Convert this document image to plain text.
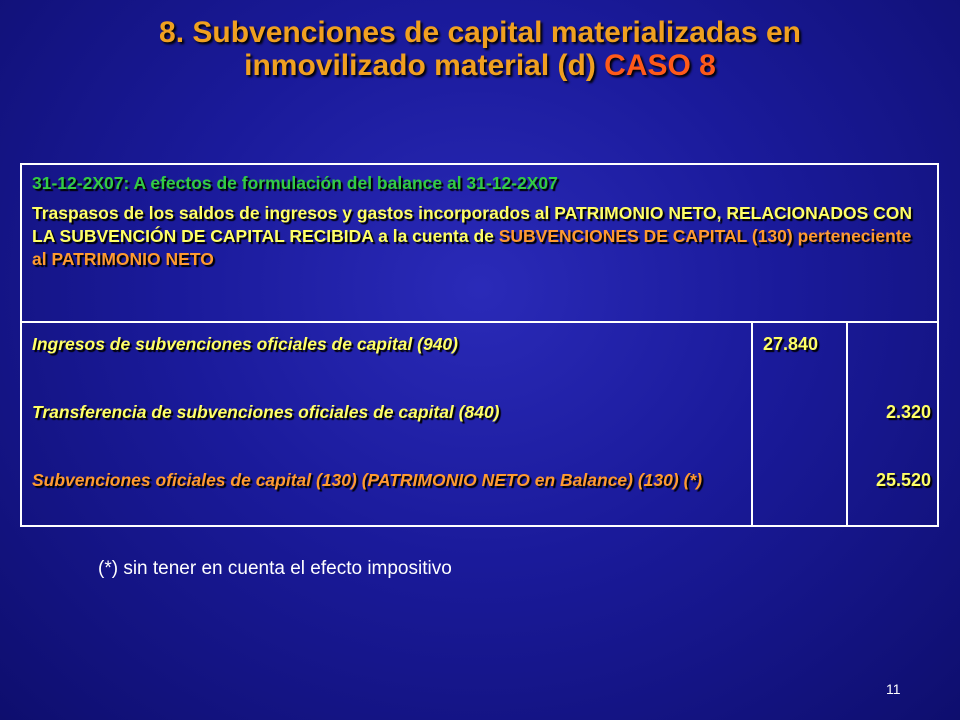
8. Subvenciones de capital materializadas en
inmovilizado material (d) CASO 8

31-12-2X07: A efectos de formulación del balance al 31-12-2X07

Traspasos de los saldos de ingresos y gastos incorporados al PATRIMONIO NETO, RELACIONADOS CON LA SUBVENCIÓN DE CAPITAL RECIBIDA a la cuenta de SUBVENCIONES DE CAPITAL (130) perteneciente al PATRIMONIO NETO

Ingresos de subvenciones oficiales de capital (940)
Transferencia de subvenciones oficiales de capital (840)
Subvenciones oficiales de capital (130) (PATRIMONIO NETO en Balance) (130) (*)
27.840
2.320
25.520
(*) sin tener en cuenta el efecto impositivo
11
